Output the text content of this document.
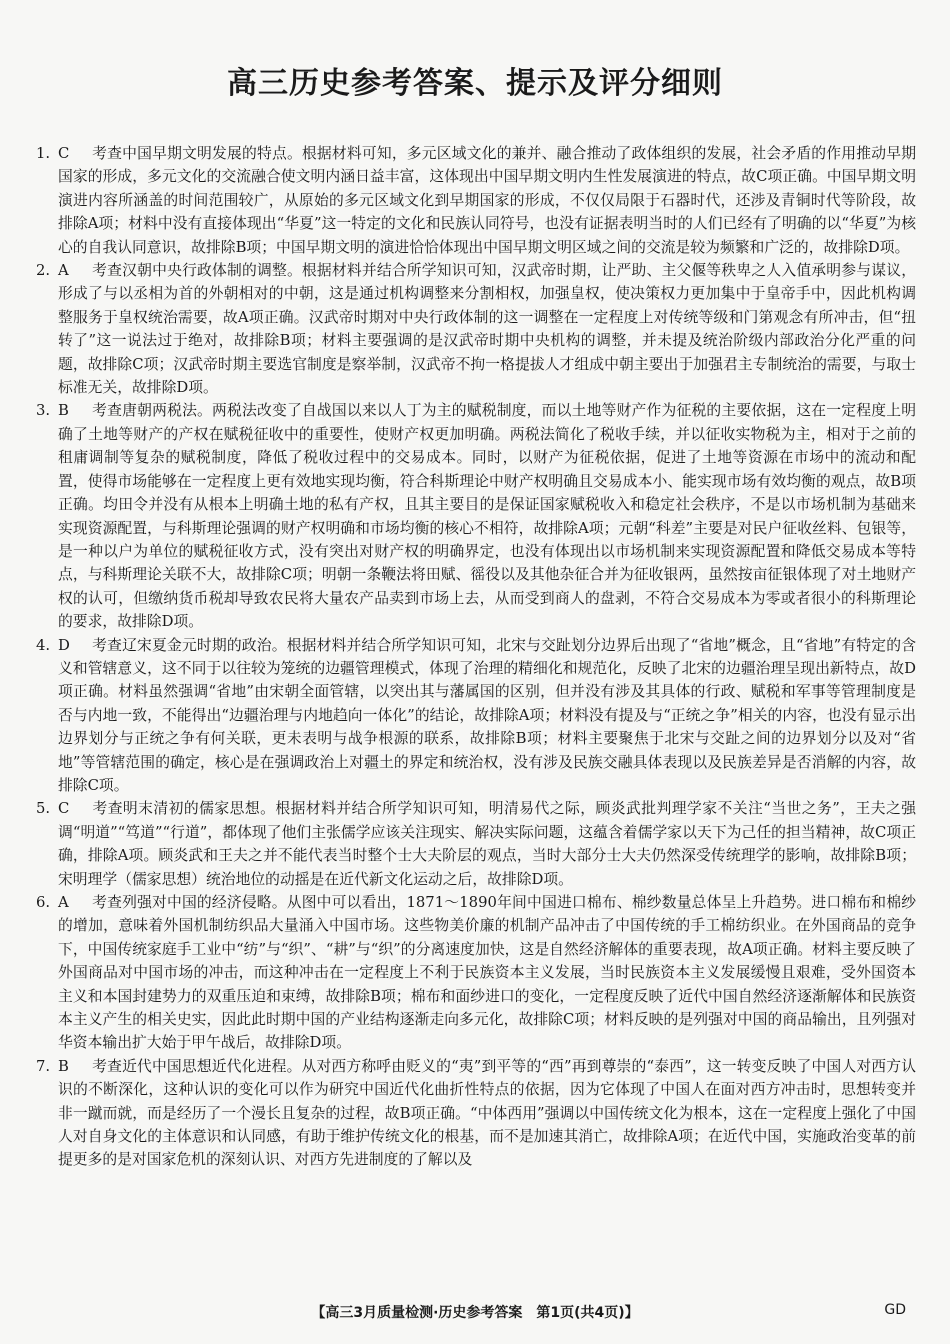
高三历史参考答案、提示及评分细则

1. C 考查中国早期文明发展的特点。根据材料可知，多元区域文化的兼并、融合推动了政体组织的发展，社会矛盾的作用推动早期国家的形成，多元文化的交流融合使文明内涵日益丰富，这体现出中国早期文明内生性发展演进的特点，故C项正确。中国早期文明演进内容所涵盖的时间范围较广，从原始的多元区域文化到早期国家的形成，不仅仅局限于石器时代，还涉及青铜时代等阶段，故排除A项；材料中没有直接体现出“华夏”这一特定的文化和民族认同符号，也没有证据表明当时的人们已经有了明确的以“华夏”为核心的自我认同意识，故排除B项；中国早期文明的演进恰恰体现出中国早期文明区域之间的交流是较为频繁和广泛的，故排除D项。

2. A 考查汉朝中央行政体制的调整。根据材料并结合所学知识可知，汉武帝时期，让严助、主父偃等秩卑之人入值承明参与谋议，形成了与以丞相为首的外朝相对的中朝，这是通过机构调整来分割相权，加强皇权，使决策权力更加集中于皇帝手中，因此机构调整服务于皇权统治需要，故A项正确。汉武帝时期对中央行政体制的这一调整在一定程度上对传统等级和门第观念有所冲击，但“扭转了”这一说法过于绝对，故排除B项；材料主要强调的是汉武帝时期中央机构的调整，并未提及统治阶级内部政治分化严重的问题，故排除C项；汉武帝时期主要选官制度是察举制，汉武帝不拘一格提拔人才组成中朝主要出于加强君主专制统治的需要，与取士标准无关，故排除D项。

3. B 考查唐朝两税法。两税法改变了自战国以来以人丁为主的赋税制度，而以土地等财产作为征税的主要依据，这在一定程度上明确了土地等财产的产权在赋税征收中的重要性，使财产权更加明确。两税法简化了税收手续，并以征收实物税为主，相对于之前的租庸调制等复杂的赋税制度，降低了税收过程中的交易成本。同时，以财产为征税依据，促进了土地等资源在市场中的流动和配置，使得市场能够在一定程度上更有效地实现均衡，符合科斯理论中财产权明确且交易成本小、能实现市场有效均衡的观点，故B项正确。均田令并没有从根本上明确土地的私有产权，且其主要目的是保证国家赋税收入和稳定社会秩序，不是以市场机制为基础来实现资源配置，与科斯理论强调的财产权明确和市场均衡的核心不相符，故排除A项；元朝“科差”主要是对民户征收丝料、包银等，是一种以户为单位的赋税征收方式，没有突出对财产权的明确界定，也没有体现出以市场机制来实现资源配置和降低交易成本等特点，与科斯理论关联不大，故排除C项；明朝一条鞭法将田赋、徭役以及其他杂征合并为征收银两，虽然按亩征银体现了对土地财产权的认可，但缴纳货币税却导致农民将大量农产品卖到市场上去，从而受到商人的盘剥，不符合交易成本为零或者很小的科斯理论的要求，故排除D项。

4. D 考查辽宋夏金元时期的政治。根据材料并结合所学知识可知，北宋与交趾划分边界后出现了“省地”概念，且“省地”有特定的含义和管辖意义，这不同于以往较为笼统的边疆管理模式，体现了治理的精细化和规范化，反映了北宋的边疆治理呈现出新特点，故D项正确。材料虽然强调“省地”由宋朝全面管辖，以突出其与藩属国的区别，但并没有涉及其具体的行政、赋税和军事等管理制度是否与内地一致，不能得出“边疆治理与内地趋向一体化”的结论，故排除A项；材料没有提及与“正统之争”相关的内容，也没有显示出边界划分与正统之争有何关联，更未表明与战争根源的联系，故排除B项；材料主要聚焦于北宋与交趾之间的边界划分以及对“省地”等管辖范围的确定，核心是在强调政治上对疆土的界定和统治权，没有涉及民族交融具体表现以及民族差异是否消解的内容，故排除C项。

5. C 考查明末清初的儒家思想。根据材料并结合所学知识可知，明清易代之际，顾炎武批判理学家不关注“当世之务”，王夫之强调“明道”“笃道”“行道”，都体现了他们主张儒学应该关注现实、解决实际问题，这蕴含着儒学家以天下为己任的担当精神，故C项正确，排除A项。顾炎武和王夫之并不能代表当时整个士大夫阶层的观点，当时大部分士大夫仍然深受传统理学的影响，故排除B项；宋明理学（儒家思想）统治地位的动摇是在近代新文化运动之后，故排除D项。

6. A 考查列强对中国的经济侵略。从图中可以看出，1871～1890年间中国进口棉布、棉纱数量总体呈上升趋势。进口棉布和棉纱的增加，意味着外国机制纺织品大量涌入中国市场。这些物美价廉的机制产品冲击了中国传统的手工棉纺织业。在外国商品的竞争下，中国传统家庭手工业中“纺”与“织”、“耕”与“织”的分离速度加快，这是自然经济解体的重要表现，故A项正确。材料主要反映了外国商品对中国市场的冲击，而这种冲击在一定程度上不利于民族资本主义发展，当时民族资本主义发展缓慢且艰难，受外国资本主义和本国封建势力的双重压迫和束缚，故排除B项；棉布和面纱进口的变化，一定程度反映了近代中国自然经济逐渐解体和民族资本主义产生的相关史实，因此此时期中国的产业结构逐渐走向多元化，故排除C项；材料反映的是列强对中国的商品输出，且列强对华资本输出扩大始于甲午战后，故排除D项。

7. B 考查近代中国思想近代化进程。从对西方称呼由贬义的“夷”到平等的“西”再到尊崇的“泰西”，这一转变反映了中国人对西方认识的不断深化，这种认识的变化可以作为研究中国近代化曲折性特点的依据，因为它体现了中国人在面对西方冲击时，思想转变并非一蹴而就，而是经历了一个漫长且复杂的过程，故B项正确。“中体西用”强调以中国传统文化为根本，这在一定程度上强化了中国人对自身文化的主体意识和认同感，有助于维护传统文化的根基，而不是加速其消亡，故排除A项；在近代中国，实施政治变革的前提更多的是对国家危机的深刻认识、对西方先进制度的了解以及

【高三3月质量检测·历史参考答案　第1页(共4页)】	GD
